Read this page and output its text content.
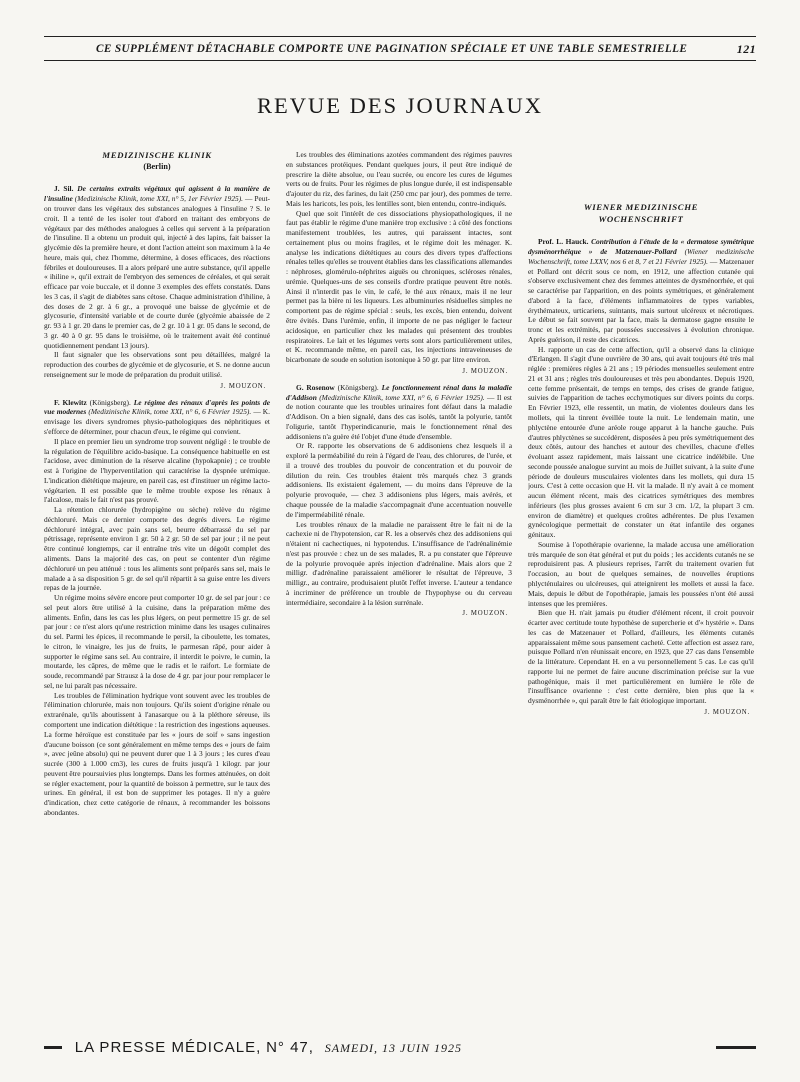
CE SUPPLÉMENT DÉTACHABLE COMPORTE UNE PAGINATION SPÉCIALE ET UNE TABLE SEMESTRIELLE	121
REVUE DES JOURNAUX

MEDIZINISCHE KLINIK

(Berlin)

J. Sil. De certains extraits végétaux qui agissent à la manière de l'insuline (Medizinische Klinik, tome XXI, n° 5, 1er Février 1925). — Peut-on trouver dans les végétaux des substances analogues à l'insuline ? S. le croit. Il a tenté de les isoler tout d'abord en traitant des embryons de végétaux par des méthodes analogues à celles qui servent à la préparation de l'insuline. Il a obtenu un produit qui, injecté à des lapins, fait baisser la glycémie dès la première heure, et dont l'action atteint son maximum à la 4e heure, mais qui, chez l'homme, détermine, à doses efficaces, des réactions fébriles et douloureuses. Il a alors préparé une autre substance, qu'il appelle « ihiline », qu'il extrait de l'embryon des semences de céréales, et qui serait efficace par voie buccale, et il donne 3 exemples des effets constatés. Dans les 3 cas, il s'agit de diabètes sans cétose. Chaque administration d'ihiline, à des doses de 2 gr. à 6 gr., a provoqué une baisse de glycémie et de glycosurie, d'intensité variable et de courte durée (glycémie abaissée de 2 gr. 93 à 1 gr. 20 dans le premier cas, de 2 gr. 10 à 1 gr. 05 dans le second, de 3 gr. 40 à 0 gr. 95 dans le troisième, où le traitement avait été continué quotidiennement pendant 13 jours).

Il faut signaler que les observations sont peu détaillées, malgré la reproduction des courbes de glycémie et de glycosurie, et S. ne donne aucun renseignement sur le mode de préparation du produit utilisé.

J. MOUZON.

F. Klewitz (Königsberg). Le régime des rénaux d'après les points de vue modernes (Medizinische Klinik, tome XXI, n° 6, 6 Février 1925). — K. envisage les divers syndromes physio-pathologiques des néphritiques et s'efforce de déterminer, pour chacun d'eux, le régime qui convient.

Il place en premier lieu un syndrome trop souvent négligé : le trouble de la régulation de l'équilibre acido-basique. La conséquence habituelle en est l'acidose, avec diminution de la réserve alcaline (hypokapnie) ; ce trouble est à l'origine de l'hyperventilation qui caractérise la dyspnée urémique. L'indication diététique majeure, en pareil cas, est d'instituer un régime lacto-végétarien. Il est possible que le même trouble expose les rénaux à l'alcalose, mais le fait n'est pas prouvé.

La rétention chlorurée (hydropigène ou sèche) relève du régime déchloruré. Mais ce dernier comporte des degrés divers. Le régime déchloruré intégral, avec pain sans sel, beurre débarrassé du sel par pétrissage, représente environ 1 gr. 50 à 2 gr. 50 de sel par jour ; il ne peut être continué longtemps, car il entraîne très vite un dégoût complet des aliments. Dans la majorité des cas, on peut se contenter d'un régime déchloruré un peu atténué : tous les aliments sont préparés sans sel, mais le malade a à sa disposition 5 gr. de sel qu'il répartit à sa guise entre les divers repas de la journée.

Un régime moins sévère encore peut comporter 10 gr. de sel par jour : ce sel peut alors être utilisé à la cuisine, dans la préparation même des aliments. Enfin, dans les cas les plus légers, on peut permettre 15 gr. de sel par jour : ce n'est alors qu'une restriction minime dans les usages culinaires du sel. Parmi les épices, il recommande le persil, la ciboulette, les tomates, le citron, le vinaigre, les jus de fruits, le parmesan râpé, pour aider à supporter le régime sans sel. Au contraire, il interdit le poivre, le cumin, la moutarde, les câpres, de même que le radis et le raifort. Le formiate de soude, recommandé par Strausz à la dose de 4 gr. par jour pour remplacer le sel, ne lui paraît pas nécessaire.

Les troubles de l'élimination hydrique vont souvent avec les troubles de l'élimination chlorurée, mais non toujours. Qu'ils soient d'origine rénale ou extrarénale, qu'ils aboutissent à l'anasarque ou à la pléthore séreuse, ils comportent une indication diététique : la restriction des ingestions aqueuses. La forme héroïque est constituée par les « jours de soif » sans ingestion d'aucune boisson (ce sont généralement en même temps des « jours de faim », avec jeûne absolu) qui ne peuvent durer que 1 à 3 jours ; les cures d'eau sucrée (300 à 1.000 cm3), les cures de fruits jusqu'à 1 kilogr. par jour peuvent être poursuivies plus longtemps. Dans les formes atténuées, on doit se régler exactement, pour la quantité de boisson à permettre, sur le taux des urines. En général, il est bon de supprimer les potages. Il n'y a guère d'indication, chez cette catégorie de rénaux, à recommander les boissons abondantes.

Les troubles des éliminations azotées commandent des régimes pauvres en substances protéiques. Pendant quelques jours, il peut être indiqué de prescrire la diète absolue, ou l'eau sucrée, ou encore les cures de légumes verts ou de fruits. Pour les régimes de plus longue durée, il est indispensable d'ajouter du riz, des farines, du lait (250 cmc par jour), des pommes de terre. Mais les haricots, les pois, les lentilles sont, bien entendu, contre-indiqués.

Quel que soit l'intérêt de ces dissociations physiopathologiques, il ne faut pas établir le régime d'une manière trop exclusive : à côté des fonctions manifestement troublées, les autres, qui paraissent intactes, sont certainement plus ou moins fragiles, et le régime doit les ménager. K. analyse les indications diététiques au cours des divers types d'affections rénales telles qu'elles se trouvent établies dans les classifications allemandes : néphroses, glomérulo-néphrites aiguës ou chroniques, scléroses rénales, urémie. Quelques-uns de ses conseils d'ordre pratique peuvent être notés. Ainsi il n'interdit pas le vin, le café, le thé aux rénaux, mais il ne leur permet pas la bière ni les liqueurs. Les albuminuries résiduelles simples ne comportent pas de régime spécial : seuls, les excès, bien entendu, doivent être évités. Dans l'urémie, enfin, il importe de ne pas négliger le facteur acidosique, en particulier chez les malades qui présentent des troubles respiratoires. Le lait et les légumes verts sont alors particulièrement utiles, et K. recommande même, en pareil cas, les injections intraveineuses de bicarbonate de soude en solution isotonique à 50 gr. par litre environ.

J. MOUZON.

G. Rosenow (Königsberg). Le fonctionnement rénal dans la maladie d'Addison (Medizinische Klinik, tome XXI, n° 6, 6 Février 1925). — Il est de notion courante que les troubles urinaires font défaut dans la maladie d'Addison. On a bien signalé, dans des cas isolés, tantôt la polyurie, tantôt l'oligurie, tantôt l'hyperindicanurie, mais le fonctionnement rénal des addisoniens n'a guère été l'objet d'une étude d'ensemble.

Or R. rapporte les observations de 6 addisoniens chez lesquels il a exploré la perméabilité du rein à l'égard de l'eau, des chlorures, de l'urée, et il a trouvé des troubles du pouvoir de concentration et du pouvoir de dilution du rein. Ces troubles étaient très marqués chez 3 grands addisoniens. Ils existaient également, — du moins dans l'épreuve de la polyurie provoquée, — chez 3 addisoniens plus légers, mais avérés, et chaque poussée de la maladie s'accompagnait d'une accentuation nouvelle de l'imperméabilité rénale.

Les troubles rénaux de la maladie ne paraissent être le fait ni de la cachexie ni de l'hypotension, car R. les a observés chez des addisoniens qui n'étaient ni cachectiques, ni hypotendus. L'insuffisance de l'adrénalinémie n'est pas prouvée : chez un de ses malades, R. a pu constater que l'épreuve de la polyurie provoquée après injection d'adrénaline. Mais alors que 2 milligr. d'adrénaline paraissaient améliorer le résultat de l'épreuve, 3 milligr., au contraire, produisaient plutôt l'effet inverse. L'auteur a tendance à incriminer de préférence un trouble de l'hypophyse ou du cerveau intermédiaire, secondaire à la lésion surrénale.

J. MOUZON.

WIENER MEDIZINISCHE

WOCHENSCHRIFT

Prof. L. Hauck. Contribution à l'étude de la « dermatose symétrique dysménorrhéique » de Matzenauer-Pollard (Wiener medizinische Wochenschrift, tome LXXV, nos 6 et 8, 7 et 21 Février 1925). — Matzenauer et Pollard ont décrit sous ce nom, en 1912, une affection cutanée qui s'observe exclusivement chez des femmes atteintes de dysménorrhée, et qui se caractérise par l'apparition, en des points symétriques, et généralement d'abord à la face, d'éléments inflammatoires de types variables, érythémateux, urticariens, suintants, mais surtout ulcéreux et nécrotiques. Le début se fait souvent par la face, mais la dermatose gagne ensuite le tronc et les extrémités, par poussées successives à évolution chronique. Après guérison, il reste des cicatrices.

H. rapporte un cas de cette affection, qu'il a observé dans la clinique d'Erlangen. Il s'agit d'une ouvrière de 30 ans, qui avait toujours été très mal réglée : premières règles à 21 ans ; 19 périodes mensuelles seulement entre 21 et 31 ans ; règles très douloureuses et très peu abondantes. Depuis 1920, cette femme présentait, de temps en temps, des crises de grande fatigue, suivies de l'apparition de taches ecchymotiques sur divers points du corps. En Février 1923, elle ressentit, un matin, de violentes douleurs dans les mollets, qui la tinrent éveillée toute la nuit. Le lendemain matin, une phlyctène entourée d'une aréole rouge apparut à la hanche gauche. Puis d'autres phlyctènes se succédèrent, disposées à peu près symétriquement des deux côtés, autour des hanches et autour des chevilles, chacune d'elles évoluant assez rapidement, mais laissant une cicatrice indélébile. Une seconde poussée analogue survint au mois de Juillet suivant, à la suite d'une période de douleurs musculaires violentes dans les mollets, qui dura 15 jours. C'est à cette occasion que H. vit la malade. Il n'y avait à ce moment aucun élément récent, mais des cicatrices symétriques des membres inférieurs (les plus grosses avaient 6 cm sur 3 cm. 1/2, la plupart 3 cm. environ de diamètre) et quelques croûtes adhérentes. De plus l'examen gynécologique permettait de constater un état infantile des organes génitaux.

Soumise à l'opothérapie ovarienne, la malade accusa une amélioration très marquée de son état général et put du poids ; les accidents cutanés ne se reproduisirent pas. A plusieurs reprises, l'arrêt du traitement ovarien fut l'occasion, au bout de quelques semaines, de nouvelles éruptions phlycténulaires ou ulcéreuses, qui atteignirent les mollets et aussi la face. Mais, depuis le début de l'opothérapie, jamais les poussées n'ont été aussi intenses que les premières.

Bien que H. n'ait jamais pu étudier d'élément récent, il croit pouvoir écarter avec certitude toute hypothèse de supercherie et d'« hystérie ». Dans les cas de Matzenauer et Pollard, d'ailleurs, les éléments cutanés apparaissaient même sous pansement cacheté. Cette affection est assez rare, puisque Pollard n'en réunissait encore, en 1923, que 27 cas dans l'ensemble de la littérature. Cependant H. en a vu personnellement 5 cas. Le cas qu'il rapporte lui ne permet de faire aucune discrimination précise sur la vue pathogénique, mais il met particulièrement en lumière le rôle de l'insuffisance ovarienne : c'est cette dernière, bien plus que la « dysménorrhée », qui paraît être le fait étiologique important.

J. MOUZON.

LA PRESSE MÉDICALE, N° 47, SAMEDI, 13 JUIN 1925
